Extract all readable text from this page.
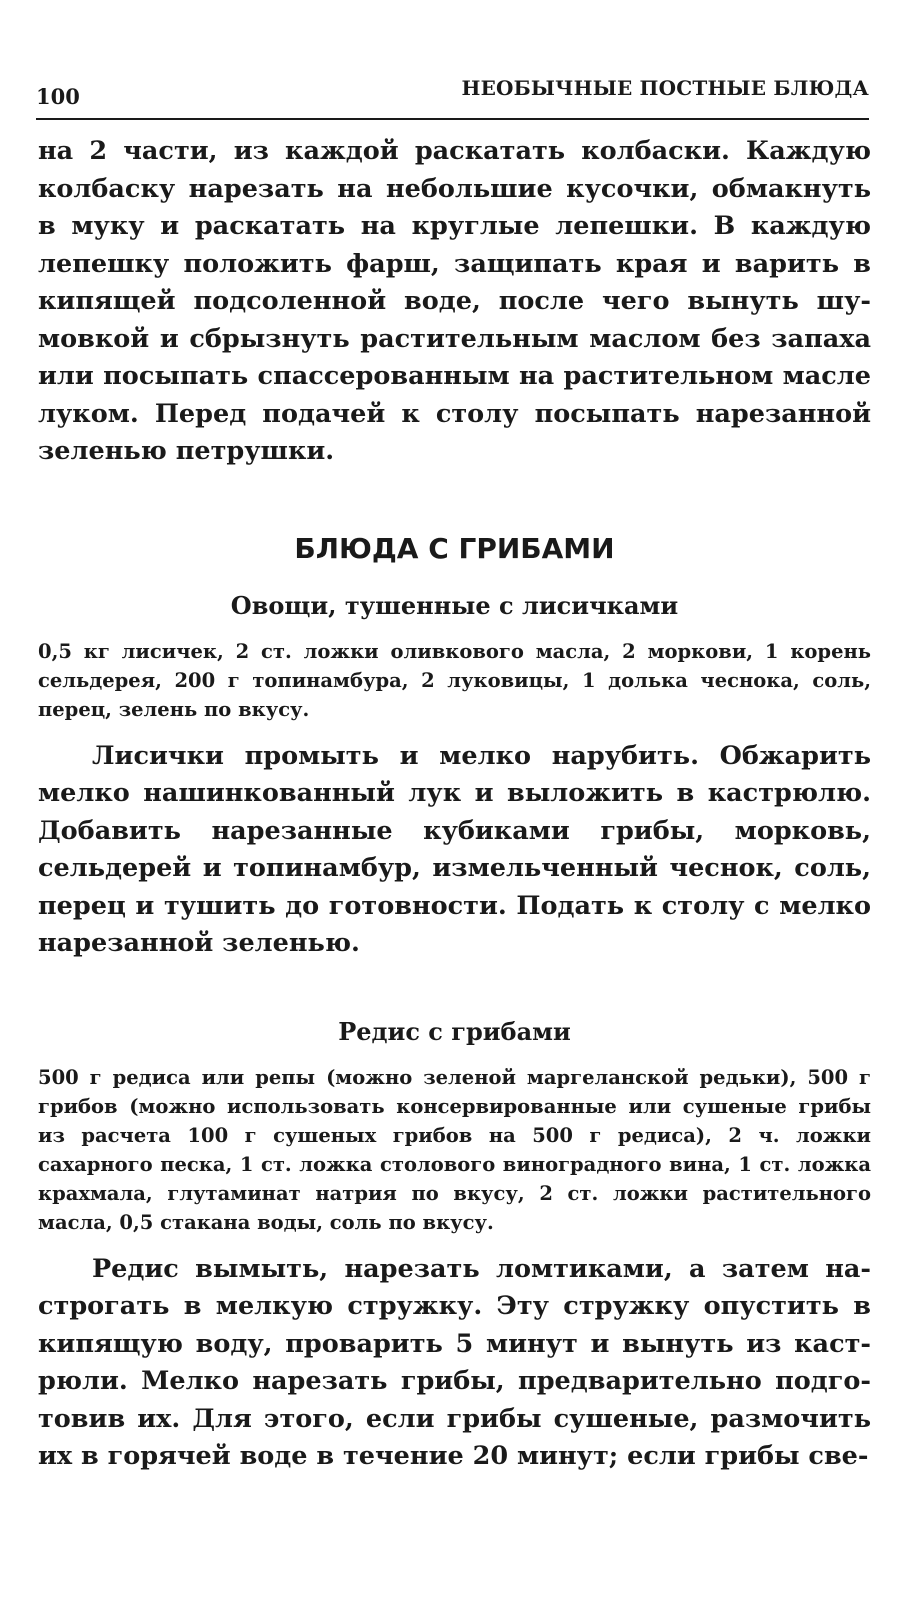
100	НЕОБЫЧНЫЕ ПОСТНЫЕ БЛЮДА

на 2 части, из каждой раскатать колбаски. Каждую колбаску нарезать на небольшие кусочки, обмакнуть в муку и раскатать на круглые лепешки. В каждую лепешку положить фарш, защипать края и варить в кипящей подсоленной воде, после чего вынуть шумовкой и сбрызнуть растительным маслом без запаха или посыпать спассерованным на растительном масле луком. Перед подачей к столу посыпать нарезанной зеленью петрушки.

БЛЮДА С ГРИБАМИ
Овощи, тушенные с лисичками

0,5 кг лисичек, 2 ст. ложки оливкового масла, 2 моркови, 1 корень сельдерея, 200 г топинамбура, 2 луковицы, 1 долька чеснока, соль, перец, зелень по вкусу.

Лисички промыть и мелко нарубить. Обжарить мелко нашинкованный лук и выложить в кастрюлю. Добавить нарезанные кубиками грибы, морковь, сельдерей и топинамбур, измельченный чеснок, соль, перец и тушить до готовности. Подать к столу с мелко нарезанной зеленью.

Редис с грибами

500 г редиса или репы (можно зеленой маргеланской редьки), 500 г грибов (можно использовать консервированные или сушеные грибы из расчета 100 г сушеных грибов на 500 г редиса), 2 ч. ложки сахарного песка, 1 ст. ложка столового виноградного вина, 1 ст. ложка крахмала, глутаминат натрия по вкусу, 2 ст. ложки растительного масла, 0,5 стакана воды, соль по вкусу.

Редис вымыть, нарезать ломтиками, а затем настрогать в мелкую стружку. Эту стружку опустить в кипящую воду, проварить 5 минут и вынуть из кастрюли. Мелко нарезать грибы, предварительно подготовив их. Для этого, если грибы сушеные, размочить их в горячей воде в течение 20 минут; если грибы све-
